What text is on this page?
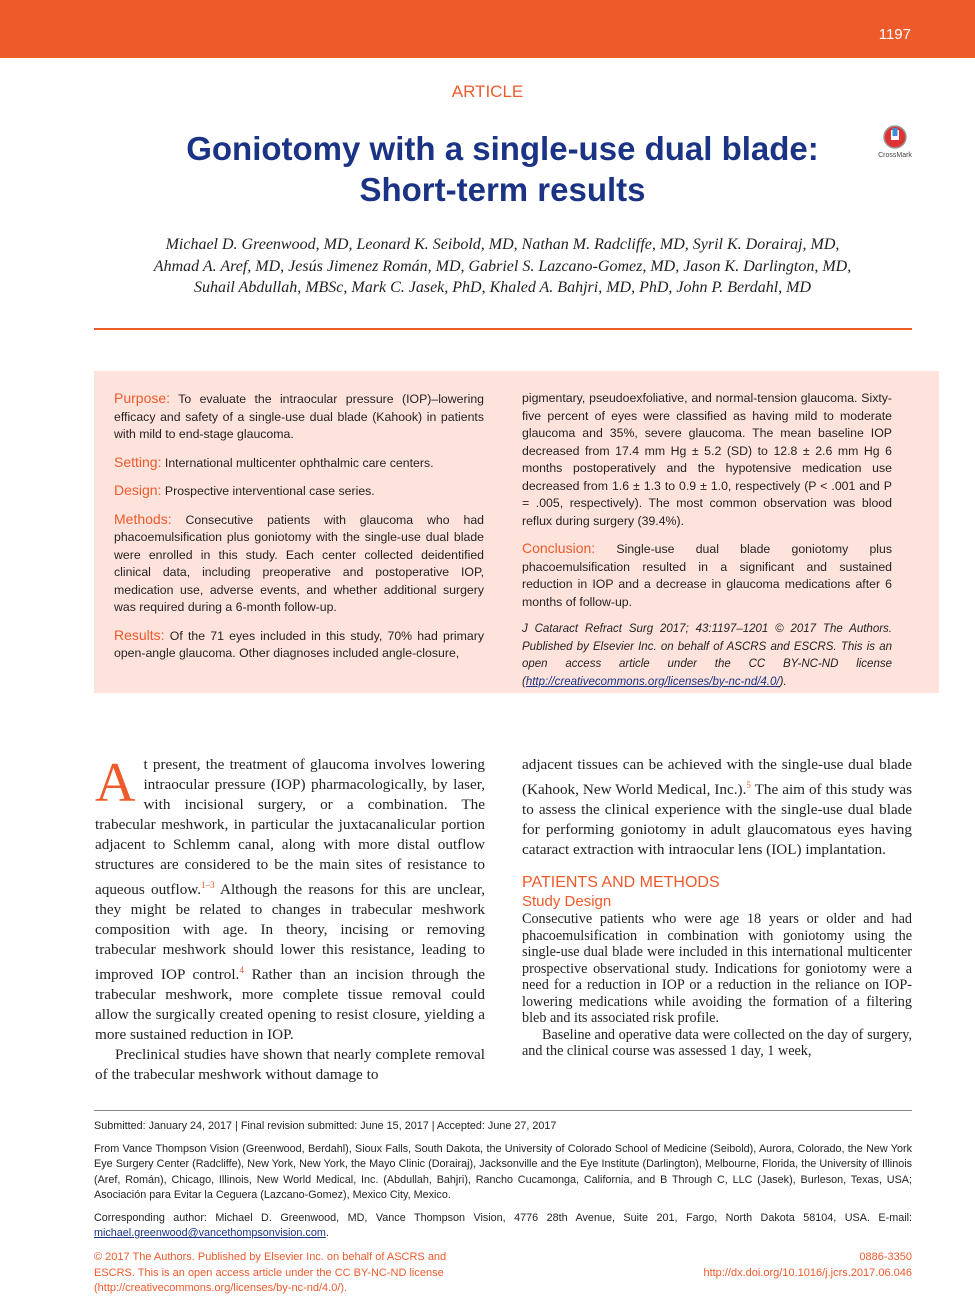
1197
ARTICLE
Goniotomy with a single-use dual blade:
Short-term results
CrossMark
Michael D. Greenwood, MD, Leonard K. Seibold, MD, Nathan M. Radcliffe, MD, Syril K. Dorairaj, MD,
Ahmad A. Aref, MD, Jesús Jimenez Román, MD, Gabriel S. Lazcano-Gomez, MD, Jason K. Darlington, MD,
Suhail Abdullah, MBSc, Mark C. Jasek, PhD, Khaled A. Bahjri, MD, PhD, John P. Berdahl, MD

Purpose: To evaluate the intraocular pressure (IOP)–lowering efficacy and safety of a single-use dual blade (Kahook) in patients with mild to end-stage glaucoma.

Setting: International multicenter ophthalmic care centers.

Design: Prospective interventional case series.

Methods: Consecutive patients with glaucoma who had phacoemulsification plus goniotomy with the single-use dual blade were enrolled in this study. Each center collected deidentified clinical data, including preoperative and postoperative IOP, medication use, adverse events, and whether additional surgery was required during a 6-month follow-up.

Results: Of the 71 eyes included in this study, 70% had primary open-angle glaucoma. Other diagnoses included angle-closure,

pigmentary, pseudoexfoliative, and normal-tension glaucoma. Sixty-five percent of eyes were classified as having mild to moderate glaucoma and 35%, severe glaucoma. The mean baseline IOP decreased from 17.4 mm Hg ± 5.2 (SD) to 12.8 ± 2.6 mm Hg 6 months postoperatively and the hypotensive medication use decreased from 1.6 ± 1.3 to 0.9 ± 1.0, respectively (P < .001 and P = .005, respectively). The most common observation was blood reflux during surgery (39.4%).

Conclusion: Single-use dual blade goniotomy plus phacoemulsification resulted in a significant and sustained reduction in IOP and a decrease in glaucoma medications after 6 months of follow-up.

J Cataract Refract Surg 2017; 43:1197–1201 © 2017 The Authors. Published by Elsevier Inc. on behalf of ASCRS and ESCRS. This is an open access article under the CC BY-NC-ND license (http://creativecommons.org/licenses/by-nc-nd/4.0/).

At present, the treatment of glaucoma involves lowering intraocular pressure (IOP) pharmacologically, by laser, with incisional surgery, or a combination. The trabecular meshwork, in particular the juxtacanalicular portion adjacent to Schlemm canal, along with more distal outflow structures are considered to be the main sites of resistance to aqueous outflow.$^{1-3}$ Although the reasons for this are unclear, they might be related to changes in trabecular meshwork composition with age. In theory, incising or removing trabecular meshwork should lower this resistance, leading to improved IOP control.$^4$ Rather than an incision through the trabecular meshwork, more complete tissue removal could allow the surgically created opening to resist closure, yielding a more sustained reduction in IOP.

Preclinical studies have shown that nearly complete removal of the trabecular meshwork without damage to

adjacent tissues can be achieved with the single-use dual blade (Kahook, New World Medical, Inc.).$^5$ The aim of this study was to assess the clinical experience with the single-use dual blade for performing goniotomy in adult glaucomatous eyes having cataract extraction with intraocular lens (IOL) implantation.

PATIENTS AND METHODS
Study Design

Consecutive patients who were age 18 years or older and had phacoemulsification in combination with goniotomy using the single-use dual blade were included in this international multicenter prospective observational study. Indications for goniotomy were a need for a reduction in IOP or a reduction in the reliance on IOP-lowering medications while avoiding the formation of a filtering bleb and its associated risk profile.

Baseline and operative data were collected on the day of surgery, and the clinical course was assessed 1 day, 1 week,

Submitted: January 24, 2017 | Final revision submitted: June 15, 2017 | Accepted: June 27, 2017

From Vance Thompson Vision (Greenwood, Berdahl), Sioux Falls, South Dakota, the University of Colorado School of Medicine (Seibold), Aurora, Colorado, the New York Eye Surgery Center (Radcliffe), New York, New York, the Mayo Clinic (Dorairaj), Jacksonville and the Eye Institute (Darlington), Melbourne, Florida, the University of Illinois (Aref, Román), Chicago, Illinois, New World Medical, Inc. (Abdullah, Bahjri), Rancho Cucamonga, California, and B Through C, LLC (Jasek), Burleson, Texas, USA; Asociación para Evitar la Ceguera (Lazcano-Gomez), Mexico City, Mexico.

Corresponding author: Michael D. Greenwood, MD, Vance Thompson Vision, 4776 28th Avenue, Suite 201, Fargo, North Dakota 58104, USA. E-mail: michael.greenwood@vancethompsonvision.com.

© 2017 The Authors. Published by Elsevier Inc. on behalf of ASCRS and ESCRS. This is an open access article under the CC BY-NC-ND license (http://creativecommons.org/licenses/by-nc-nd/4.0/).
0886-3350
http://dx.doi.org/10.1016/j.jcrs.2017.06.046
